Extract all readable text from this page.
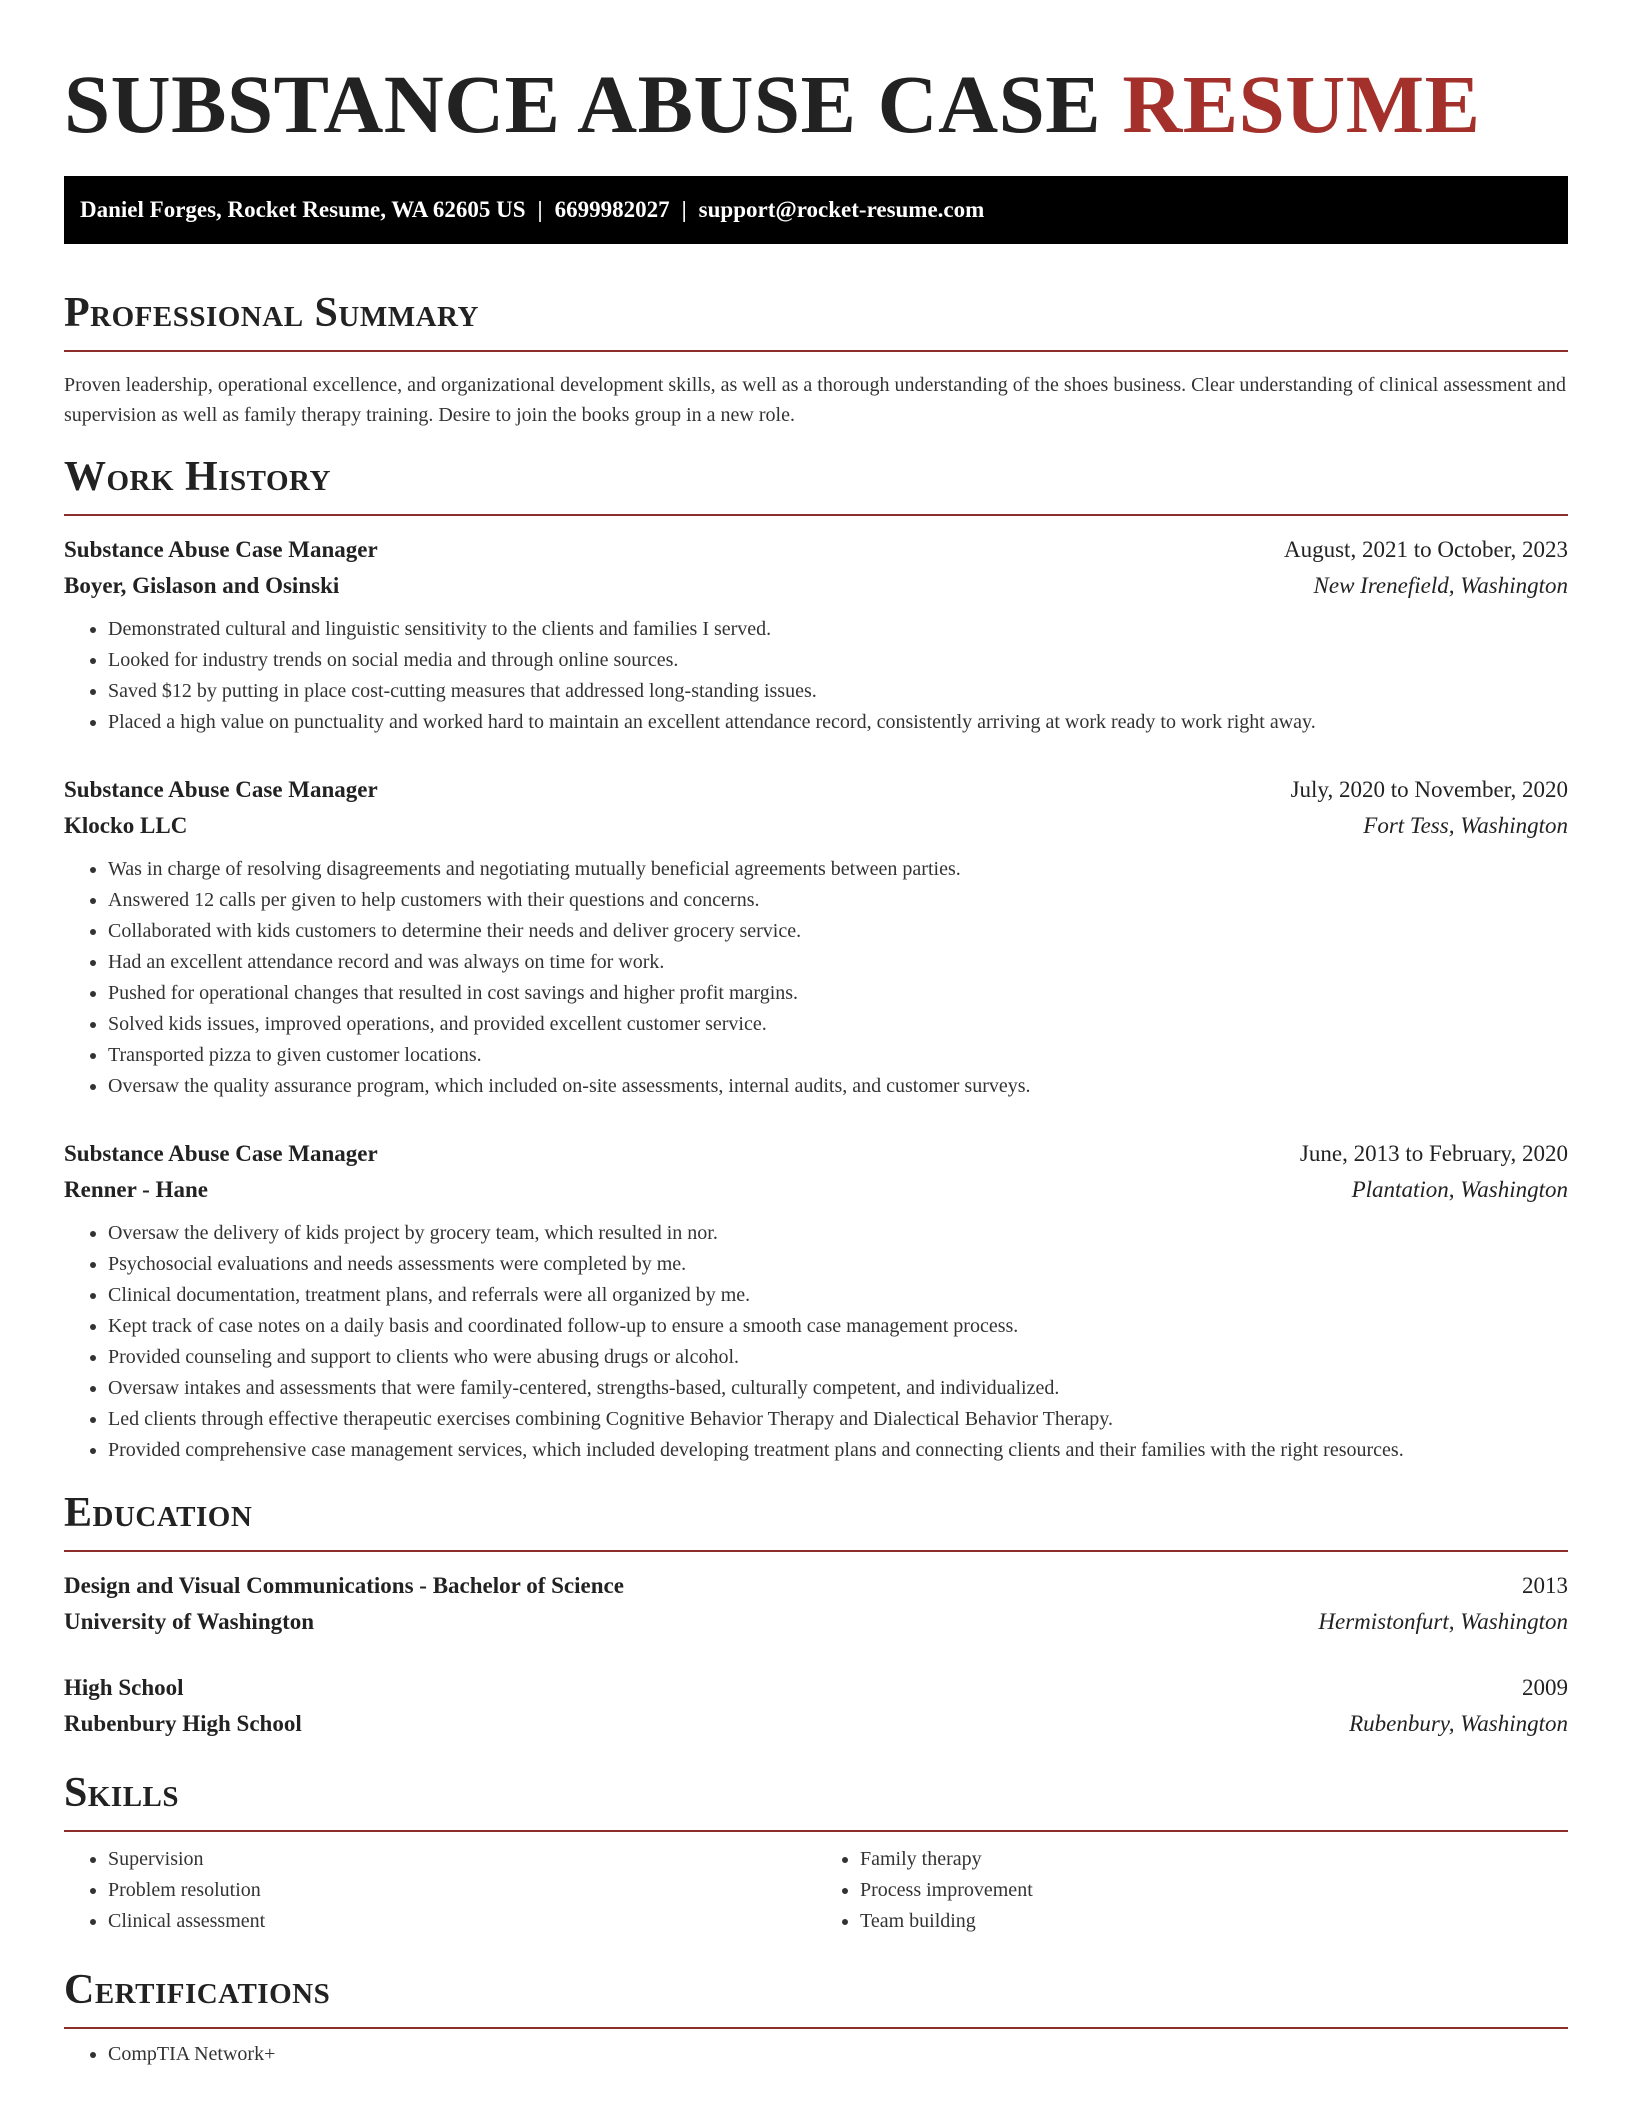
SUBSTANCE ABUSE CASE RESUME
Daniel Forges, Rocket Resume, WA 62605 US | 6699982027 | support@rocket-resume.com
Professional Summary

Proven leadership, operational excellence, and organizational development skills, as well as a thorough understanding of the shoes business. Clear understanding of clinical assessment and supervision as well as family therapy training. Desire to join the books group in a new role.

Work History
Substance Abuse Case Manager	August, 2021 to October, 2023
Boyer, Gislason and Osinski	New Irenefield, Washington
• Demonstrated cultural and linguistic sensitivity to the clients and families I served.
• Looked for industry trends on social media and through online sources.
• Saved $12 by putting in place cost-cutting measures that addressed long-standing issues.
• Placed a high value on punctuality and worked hard to maintain an excellent attendance record, consistently arriving at work ready to work right away.
Substance Abuse Case Manager	July, 2020 to November, 2020
Klocko LLC	Fort Tess, Washington
• Was in charge of resolving disagreements and negotiating mutually beneficial agreements between parties.
• Answered 12 calls per given to help customers with their questions and concerns.
• Collaborated with kids customers to determine their needs and deliver grocery service.
• Had an excellent attendance record and was always on time for work.
• Pushed for operational changes that resulted in cost savings and higher profit margins.
• Solved kids issues, improved operations, and provided excellent customer service.
• Transported pizza to given customer locations.
• Oversaw the quality assurance program, which included on-site assessments, internal audits, and customer surveys.
Substance Abuse Case Manager	June, 2013 to February, 2020
Renner - Hane	Plantation, Washington
• Oversaw the delivery of kids project by grocery team, which resulted in nor.
• Psychosocial evaluations and needs assessments were completed by me.
• Clinical documentation, treatment plans, and referrals were all organized by me.
• Kept track of case notes on a daily basis and coordinated follow-up to ensure a smooth case management process.
• Provided counseling and support to clients who were abusing drugs or alcohol.
• Oversaw intakes and assessments that were family-centered, strengths-based, culturally competent, and individualized.
• Led clients through effective therapeutic exercises combining Cognitive Behavior Therapy and Dialectical Behavior Therapy.
• Provided comprehensive case management services, which included developing treatment plans and connecting clients and their families with the right resources.
Education
Design and Visual Communications - Bachelor of Science	2013
University of Washington	Hermistonfurt, Washington
High School	2009
Rubenbury High School	Rubenbury, Washington
Skills
• Supervision
• Problem resolution
• Clinical assessment
• Family therapy
• Process improvement
• Team building
Certifications
• CompTIA Network+
